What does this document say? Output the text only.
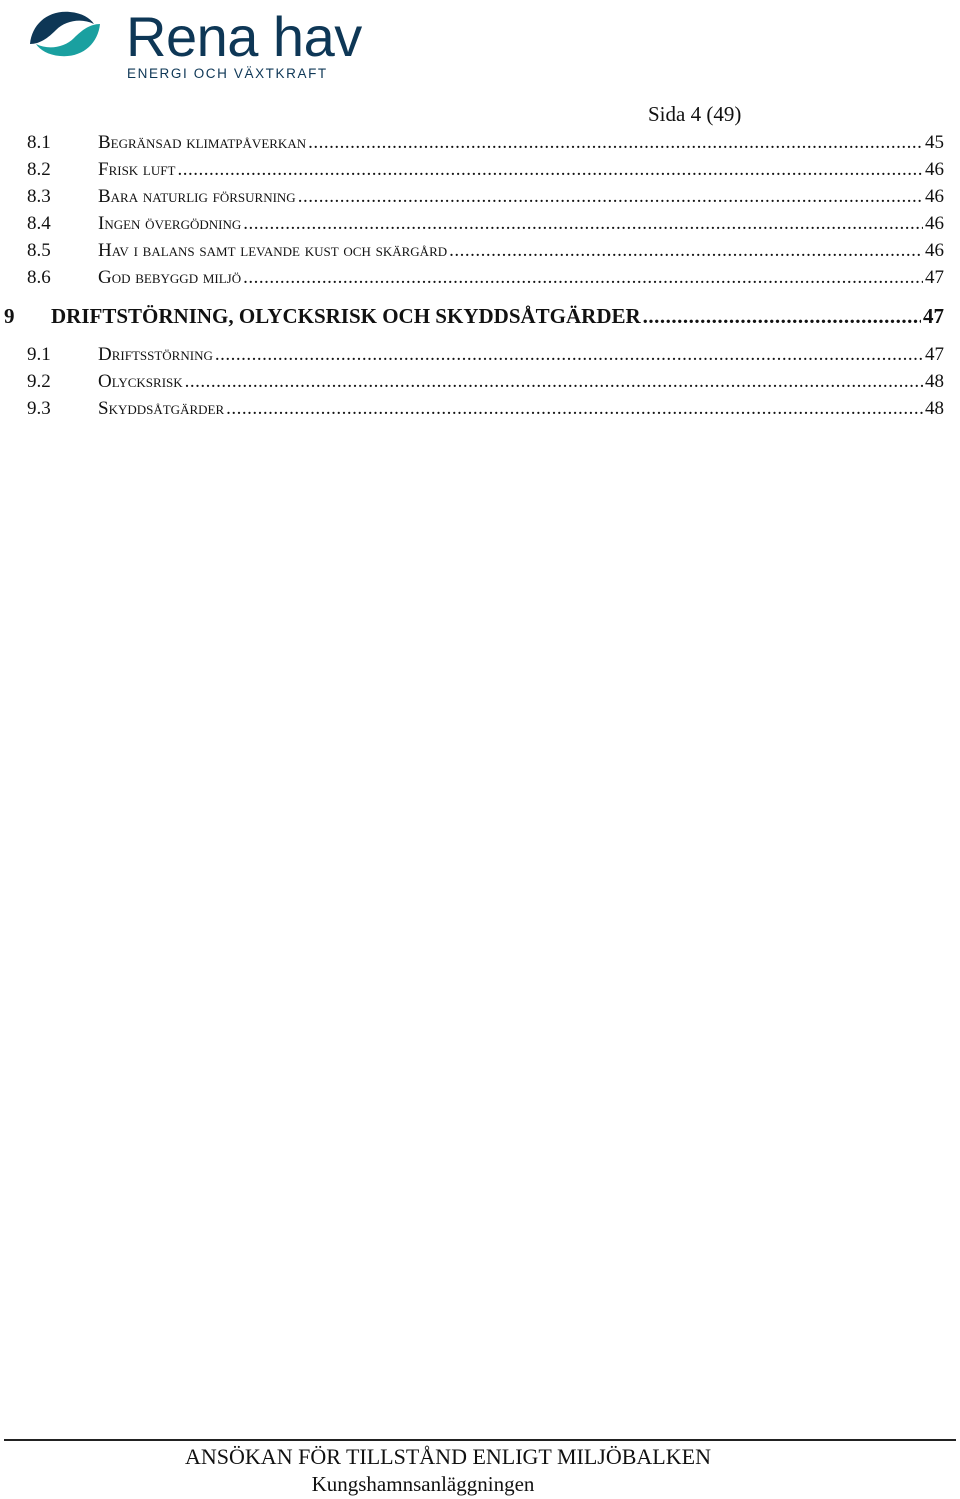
Rena hav
ENERGI OCH VÄXTKRAFT
Sida 4 (49)
8.1	Begränsad klimatpåverkan .....	45
8.2	Frisk luft .....	46
8.3	Bara naturlig försurning .....	46
8.4	Ingen övergödning .....	46
8.5	Hav i balans samt levande kust och skärgård .....	46
8.6	God bebyggd miljö .....	47
9	DRIFTSTÖRNING, OLYCKSRISK OCH SKYDDSÅTGÄRDER .....	47
9.1	Driftsstörning .....	47
9.2	Olycksrisk .....	48
9.3	Skyddsåtgärder .....	48
ANSÖKAN FÖR TILLSTÅND ENLIGT MILJÖBALKEN
Kungshamnsanläggningen
